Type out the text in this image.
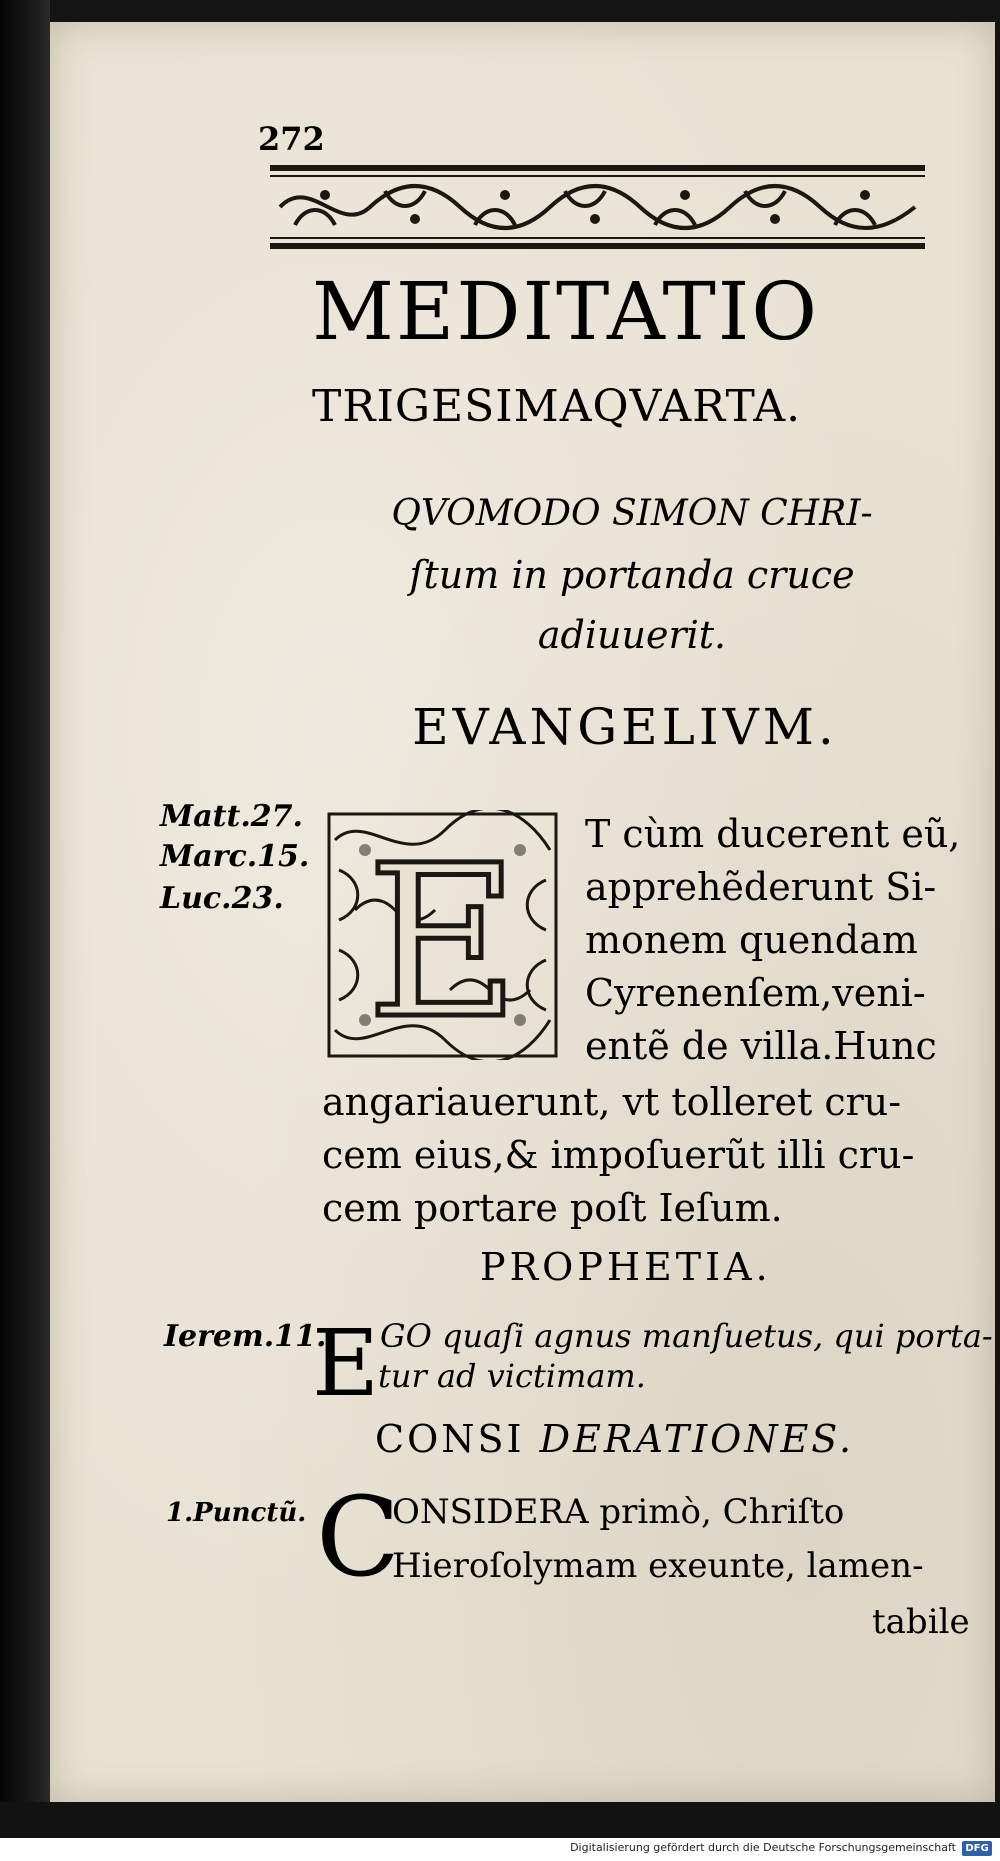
272
MEDITATIO
TRIGESIMAQVARTA.
QVOMODO SIMON CHRI-
ſtum in portanda cruce
adiuuerit.
EVANGELIVM.
Matt.27.
Marc.15.
Luc.23. E T cùm ducerent eũ,
apprehẽderunt Si-
monem quendam
Cyrenenſem,veni-
entẽ de villa.Hunc
angariauerunt, vt tolleret cru-
cem eius,& impoſuerũt illi cru-
cem portare poſt Ieſum.
PROPHETIA.
Ierem.11.
E GO quaſi agnus manſuetus, qui porta-
tur ad victimam.
CONSI DERATIONES.
1.Punctũ. C
ONSIDERA primò, Chriſto
Hieroſolymam exeunte, lamen-
tabile
Digitalisierung gefördert durch die Deutsche Forschungsgemeinschaft DFG
